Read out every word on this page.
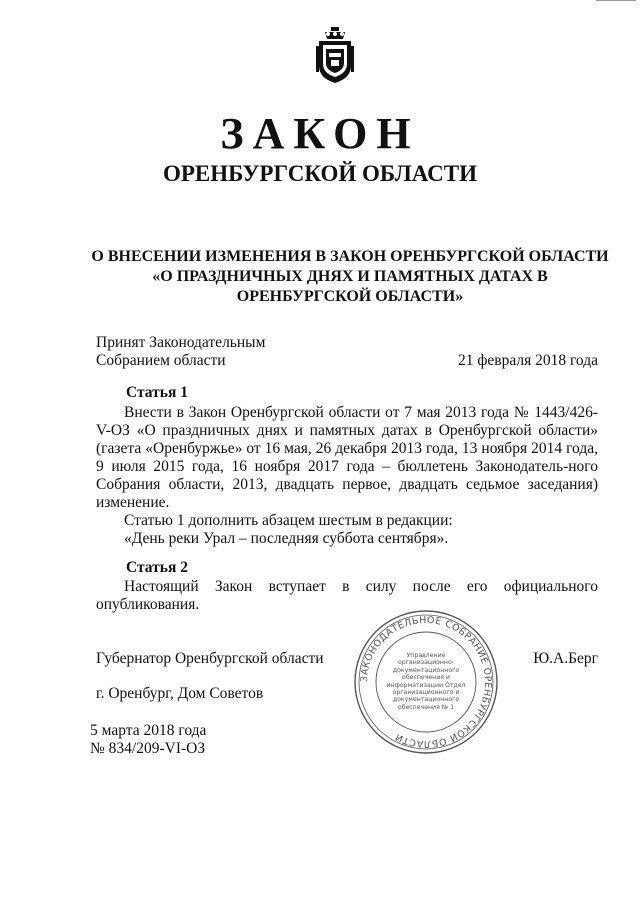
ЗАКОН
ОРЕНБУРГСКОЙ ОБЛАСТИ
О ВНЕСЕНИИ ИЗМЕНЕНИЯ В ЗАКОН ОРЕНБУРГСКОЙ ОБЛАСТИ
«О ПРАЗДНИЧНЫХ ДНЯХ И ПАМЯТНЫХ ДАТАХ В
ОРЕНБУРГСКОЙ ОБЛАСТИ»
Принят Законодательным
Собранием области	21 февраля 2018 года
Статья 1

Внести в Закон Оренбургской области от 7 мая 2013 года № 1443/426-V-ОЗ «О праздничных днях и памятных датах в Оренбургской области» (газета «Оренбуржье» от 16 мая, 26 декабря 2013 года, 13 ноября 2014 года, 9 июля 2015 года, 16 ноября 2017 года – бюллетень Законодатель-ного Собрания области, 2013, двадцать первое, двадцать седьмое заседания) изменение.

Статью 1 дополнить абзацем шестым в редакции:

«День реки Урал – последняя суббота сентября».

Статья 2

Настоящий Закон вступает в силу после его официального опубликования.

ЗАКОНОДАТЕЛЬНОЕ СОБРАНИЕ ОРЕНБУРГСКОЙ ОБЛАСТИ
Управление организационно-документационного обеспечения и информатизации Отдел организационного и документационного обеспечения № 1
Губернатор Оренбургской области	Ю.А.Берг
г. Оренбург, Дом Советов
5 марта 2018 года
№ 834/209-VI-ОЗ
